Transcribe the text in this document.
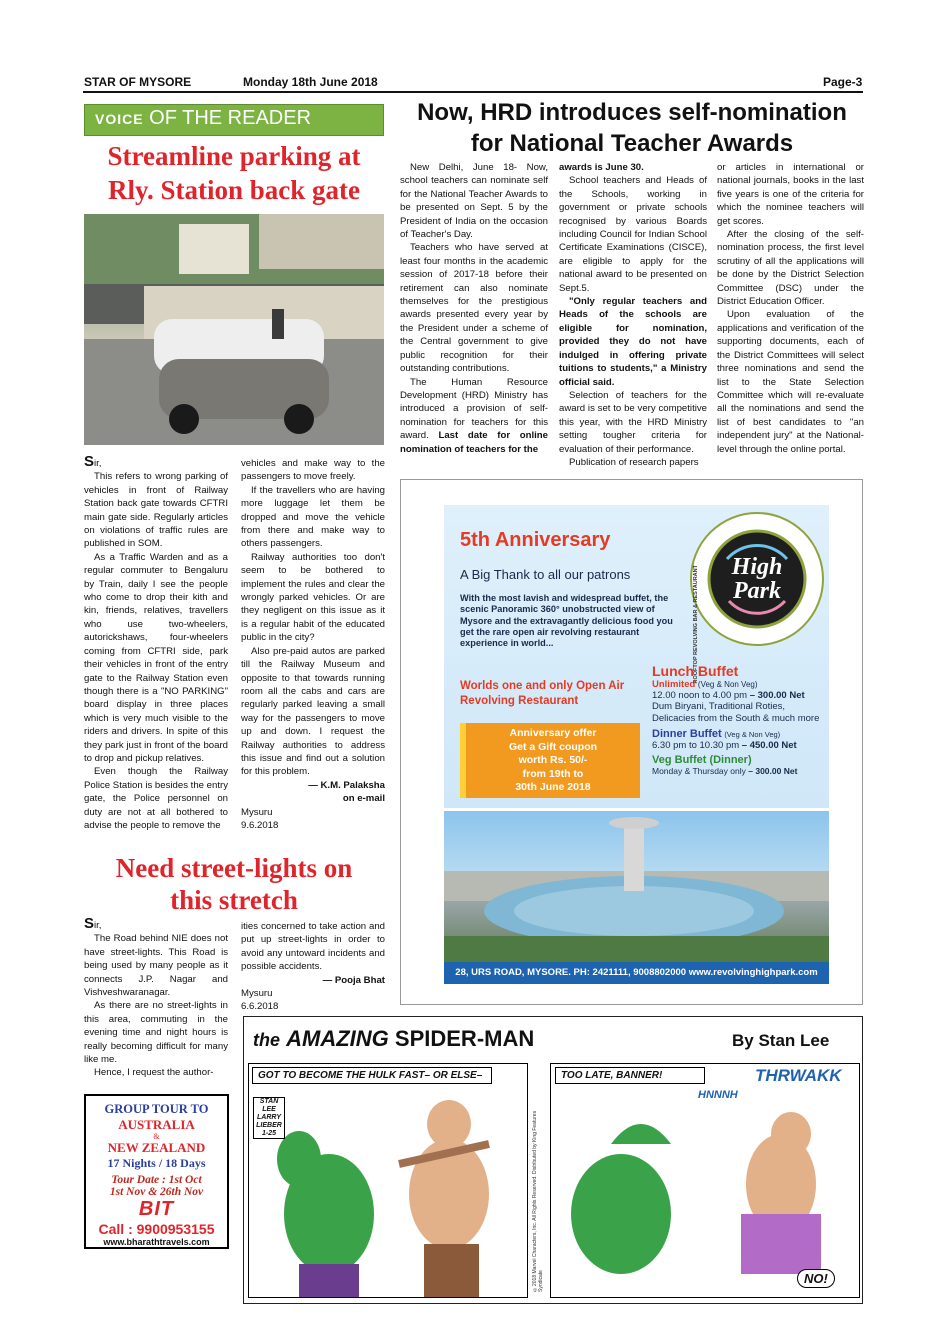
STAR OF MYSORE	Monday 18th June 2018	Page-3
VOICE OF THE READER
Streamline parking at
Rly. Station back gate

Sir,

This refers to wrong parking of vehicles in front of Railway Station back gate towards CFTRI main gate side. Regularly articles on violations of traffic rules are published in SOM.

As a Traffic Warden and as a regular commuter to Bengaluru by Train, daily I see the people who come to drop their kith and kin, friends, relatives, travellers who use two-wheelers, autorickshaws, four-wheelers coming from CFTRI side, park their vehicles in front of the entry gate to the Railway Station even though there is a "NO PARKING" board display in three places which is very much visible to the riders and drivers. In spite of this they park just in front of the board to drop and pickup relatives.

Even though the Railway Police Station is besides the entry gate, the Police personnel on duty are not at all bothered to advise the people to remove the

vehicles and make way to the passengers to move freely.

If the travellers who are having more luggage let them be dropped and move the vehicle from there and make way to others passengers.

Railway authorities too don't seem to be bothered to implement the rules and clear the wrongly parked vehicles. Or are they negligent on this issue as it is a regular habit of the educated public in the city?

Also pre-paid autos are parked till the Railway Museum and opposite to that towards running room all the cabs and cars are regularly parked leaving a small way for the passengers to move up and down. I request the Railway authorities to address this issue and find out a solution for this problem.

— K.M. Palaksha

on e-mail

Mysuru

9.6.2018

Need street-lights on
this stretch

Sir,

The Road behind NIE does not have street-lights. This Road is being used by many people as it connects J.P. Nagar and Vishveshwaranagar.

As there are no street-lights in this area, commuting in the evening time and night hours is really becoming difficult for many like me.

Hence, I request the author-

ities concerned to take action and put up street-lights in order to avoid any untoward incidents and possible accidents.

— Pooja Bhat

Mysuru

6.6.2018

GROUP TOUR TO
AUSTRALIA
&
NEW ZEALAND
17 Nights / 18 Days
Tour Date : 1st Oct
1st Nov & 26th Nov
BIT
Call : 9900953155
www.bharathtravels.com
Now, HRD introduces self-nomination
for National Teacher Awards

New Delhi, June 18- Now, school teachers can nominate self for the National Teacher Awards to be presented on Sept. 5 by the President of India on the occasion of Teacher's Day.

Teachers who have served at least four months in the academic session of 2017-18 before their retirement can also nominate themselves for the prestigious awards presented every year by the President under a scheme of the Central government to give public recognition for their outstanding contributions.

The Human Resource Development (HRD) Ministry has introduced a provision of self-nomination for teachers for this award. Last date for online nomination of teachers for the

awards is June 30.

School teachers and Heads of the Schools, working in government or private schools recognised by various Boards including Council for Indian School Certificate Examinations (CISCE), are eligible to apply for the national award to be presented on Sept.5.

"Only regular teachers and Heads of the schools are eligible for nomination, provided they do not have indulged in offering private tuitions to students," a Ministry official said.

Selection of teachers for the award is set to be very competitive this year, with the HRD Ministry setting tougher criteria for evaluation of their performance.

Publication of research papers

or articles in international or national journals, books in the last five years is one of the criteria for which the nominee teachers will get scores.

After the closing of the self-nomination process, the first level scrutiny of all the applications will be done by the District Selection Committee (DSC) under the District Education Officer.

Upon evaluation of the applications and verification of the supporting documents, each of the District Committees will select three nominations and send the list to the State Selection Committee which will re-evaluate all the nominations and send the list of best candidates to "an independent jury" at the National-level through the online portal.

5th Anniversary
A Big Thank to all our patrons
With the most lavish and widespread buffet, the scenic Panoramic 360° unobstructed view of Mysore and the extravagantly delicious food you get the rare open air revolving restaurant experience in world...
Worlds one and only Open Air Revolving Restaurant
Anniversary offer
Get a Gift coupon
worth Rs. 50/-
from 19th to
30th June 2018
ROOFTOP REVOLVING BAR & RESTAURANT	High
Park
Lunch Buffet
Unlimited (Veg & Non Veg)
12.00 noon to 4.00 pm – 300.00 Net
Dum Biryani, Traditional Roties, Delicacies from the South & much more
Dinner Buffet (Veg & Non Veg)
6.30 pm to 10.30 pm – 450.00 Net
Veg Buffet (Dinner)
Monday & Thursday only – 300.00 Net
28, URS ROAD, MYSORE. PH: 2421111, 9008802000 www.revolvinghighpark.com
the AMAZING SPIDER-MAN	By Stan Lee
GOT TO BECOME THE HULK FAST– OR ELSE–
STAN LEE LARRY LIEBER 1-25	©2018 Marvel Characters, Inc. All Rights Reserved. Distributed by King Features Syndicate
TOO LATE, BANNER!	THRWAKK
HNNNH
NO!
